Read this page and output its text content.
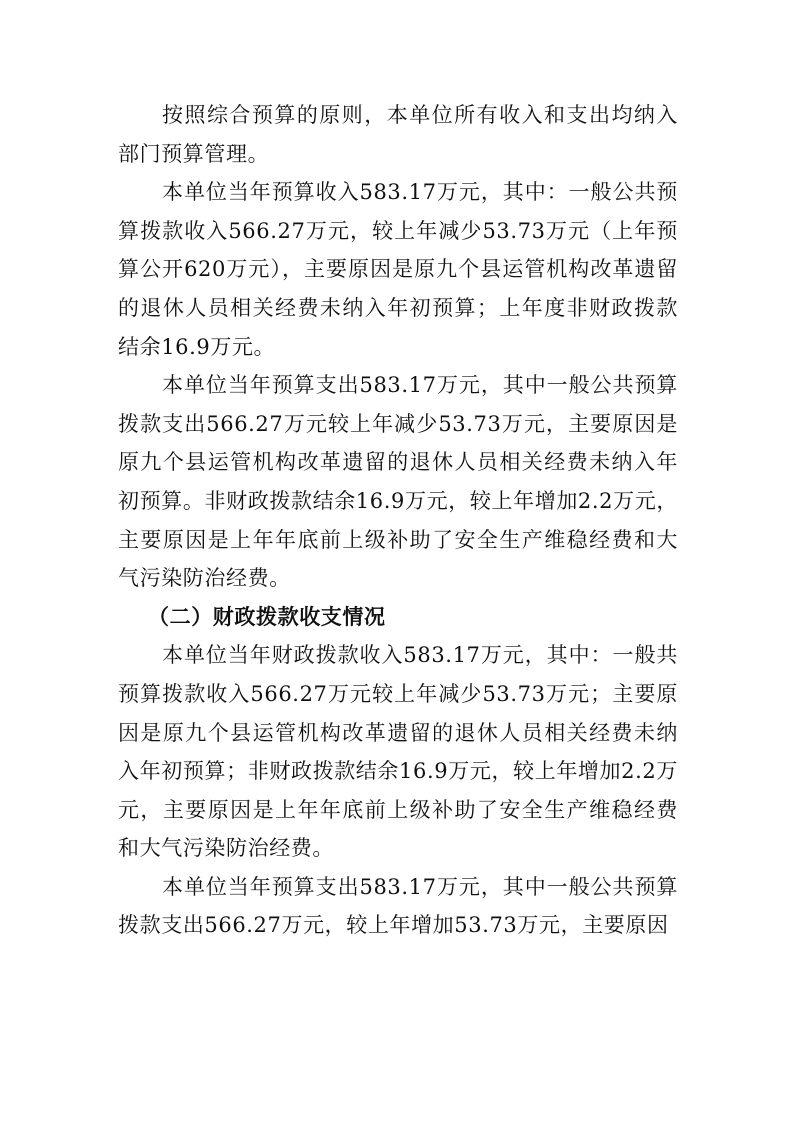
按照综合预算的原则，本单位所有收入和支出均纳入部门预算管理。

本单位当年预算收入583.17万元，其中：一般公共预算拨款收入566.27万元，较上年减少53.73万元（上年预算公开620万元），主要原因是原九个县运管机构改革遗留的退休人员相关经费未纳入年初预算；上年度非财政拨款结余16.9万元。

本单位当年预算支出583.17万元，其中一般公共预算拨款支出566.27万元较上年减少53.73万元，主要原因是原九个县运管机构改革遗留的退休人员相关经费未纳入年初预算。非财政拨款结余16.9万元，较上年增加2.2万元，主要原因是上年年底前上级补助了安全生产维稳经费和大气污染防治经费。

（二）财政拨款收支情况

本单位当年财政拨款收入583.17万元，其中：一般共预算拨款收入566.27万元较上年减少53.73万元；主要原因是原九个县运管机构改革遗留的退休人员相关经费未纳入年初预算；非财政拨款结余16.9万元，较上年增加2.2万元，主要原因是上年年底前上级补助了安全生产维稳经费和大气污染防治经费。

本单位当年预算支出583.17万元，其中一般公共预算拨款支出566.27万元，较上年增加53.73万元，主要原因
